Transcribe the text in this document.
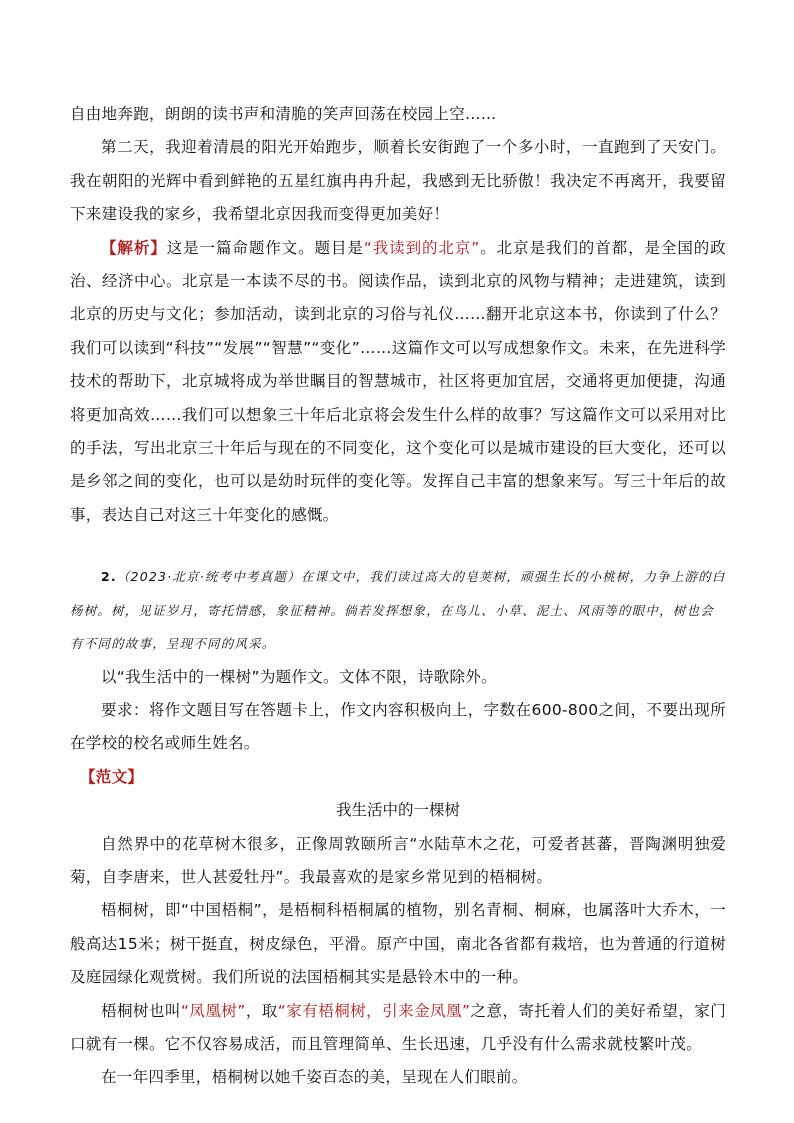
自由地奔跑，朗朗的读书声和清脆的笑声回荡在校园上空……

第二天，我迎着清晨的阳光开始跑步，顺着长安街跑了一个多小时，一直跑到了天安门。我在朝阳的光辉中看到鲜艳的五星红旗冉冉升起，我感到无比骄傲！我决定不再离开，我要留下来建设我的家乡，我希望北京因我而变得更加美好！

【解析】这是一篇命题作文。题目是“我读到的北京”。北京是我们的首都，是全国的政治、经济中心。北京是一本读不尽的书。阅读作品，读到北京的风物与精神；走进建筑，读到北京的历史与文化；参加活动，读到北京的习俗与礼仪……翻开北京这本书，你读到了什么？我们可以读到“科技”“发展”“智慧”“变化”……这篇作文可以写成想象作文。未来，在先进科学技术的帮助下，北京城将成为举世瞩目的智慧城市，社区将更加宜居，交通将更加便捷，沟通将更加高效……我们可以想象三十年后北京将会发生什么样的故事？写这篇作文可以采用对比的手法，写出北京三十年后与现在的不同变化，这个变化可以是城市建设的巨大变化，还可以是乡邻之间的变化，也可以是幼时玩伴的变化等。发挥自己丰富的想象来写。写三十年后的故事，表达自己对这三十年变化的感慨。

2.（2023·北京·统考中考真题）在课文中，我们读过高大的皂荚树，顽强生长的小桃树，力争上游的白杨树。树，见证岁月，寄托情感，象征精神。倘若发挥想象，在鸟儿、小草、泥土、风雨等的眼中，树也会有不同的故事，呈现不同的风采。

以“我生活中的一棵树”为题作文。文体不限，诗歌除外。

要求：将作文题目写在答题卡上，作文内容积极向上，字数在600-800之间，不要出现所在学校的校名或师生姓名。

【范文】

我生活中的一棵树

自然界中的花草树木很多，正像周敦颐所言“水陆草木之花，可爱者甚蕃，晋陶渊明独爱菊，自李唐来，世人甚爱牡丹”。我最喜欢的是家乡常见到的梧桐树。

梧桐树，即“中国梧桐”，是梧桐科梧桐属的植物，别名青桐、桐麻，也属落叶大乔木，一般高达15米；树干挺直，树皮绿色，平滑。原产中国，南北各省都有栽培，也为普通的行道树及庭园绿化观赏树。我们所说的法国梧桐其实是悬铃木中的一种。

梧桐树也叫“凤凰树”，取“家有梧桐树，引来金凤凰”之意，寄托着人们的美好希望，家门口就有一棵。它不仅容易成活，而且管理简单、生长迅速，几乎没有什么需求就枝繁叶茂。

在一年四季里，梧桐树以她千姿百态的美，呈现在人们眼前。
